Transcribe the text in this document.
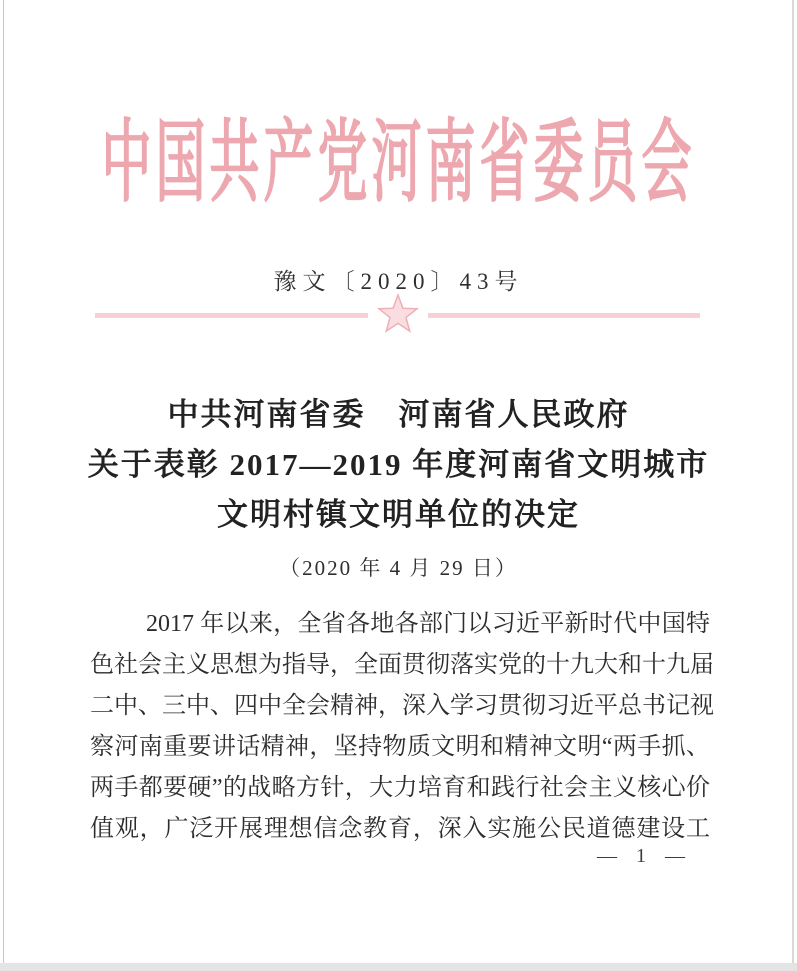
中国共产党河南省委员会
豫文〔2020〕43号
中共河南省委　河南省人民政府
关于表彰 2017—2019 年度河南省文明城市
文明村镇文明单位的决定
（2020 年 4 月 29 日）
2017 年以来，全省各地各部门以习近平新时代中国特
色社会主义思想为指导，全面贯彻落实党的十九大和十九届
二中、三中、四中全会精神，深入学习贯彻习近平总书记视
察河南重要讲话精神，坚持物质文明和精神文明“两手抓、
两手都要硬”的战略方针，大力培育和践行社会主义核心价
值观，广泛开展理想信念教育，深入实施公民道德建设工
— 1 —
